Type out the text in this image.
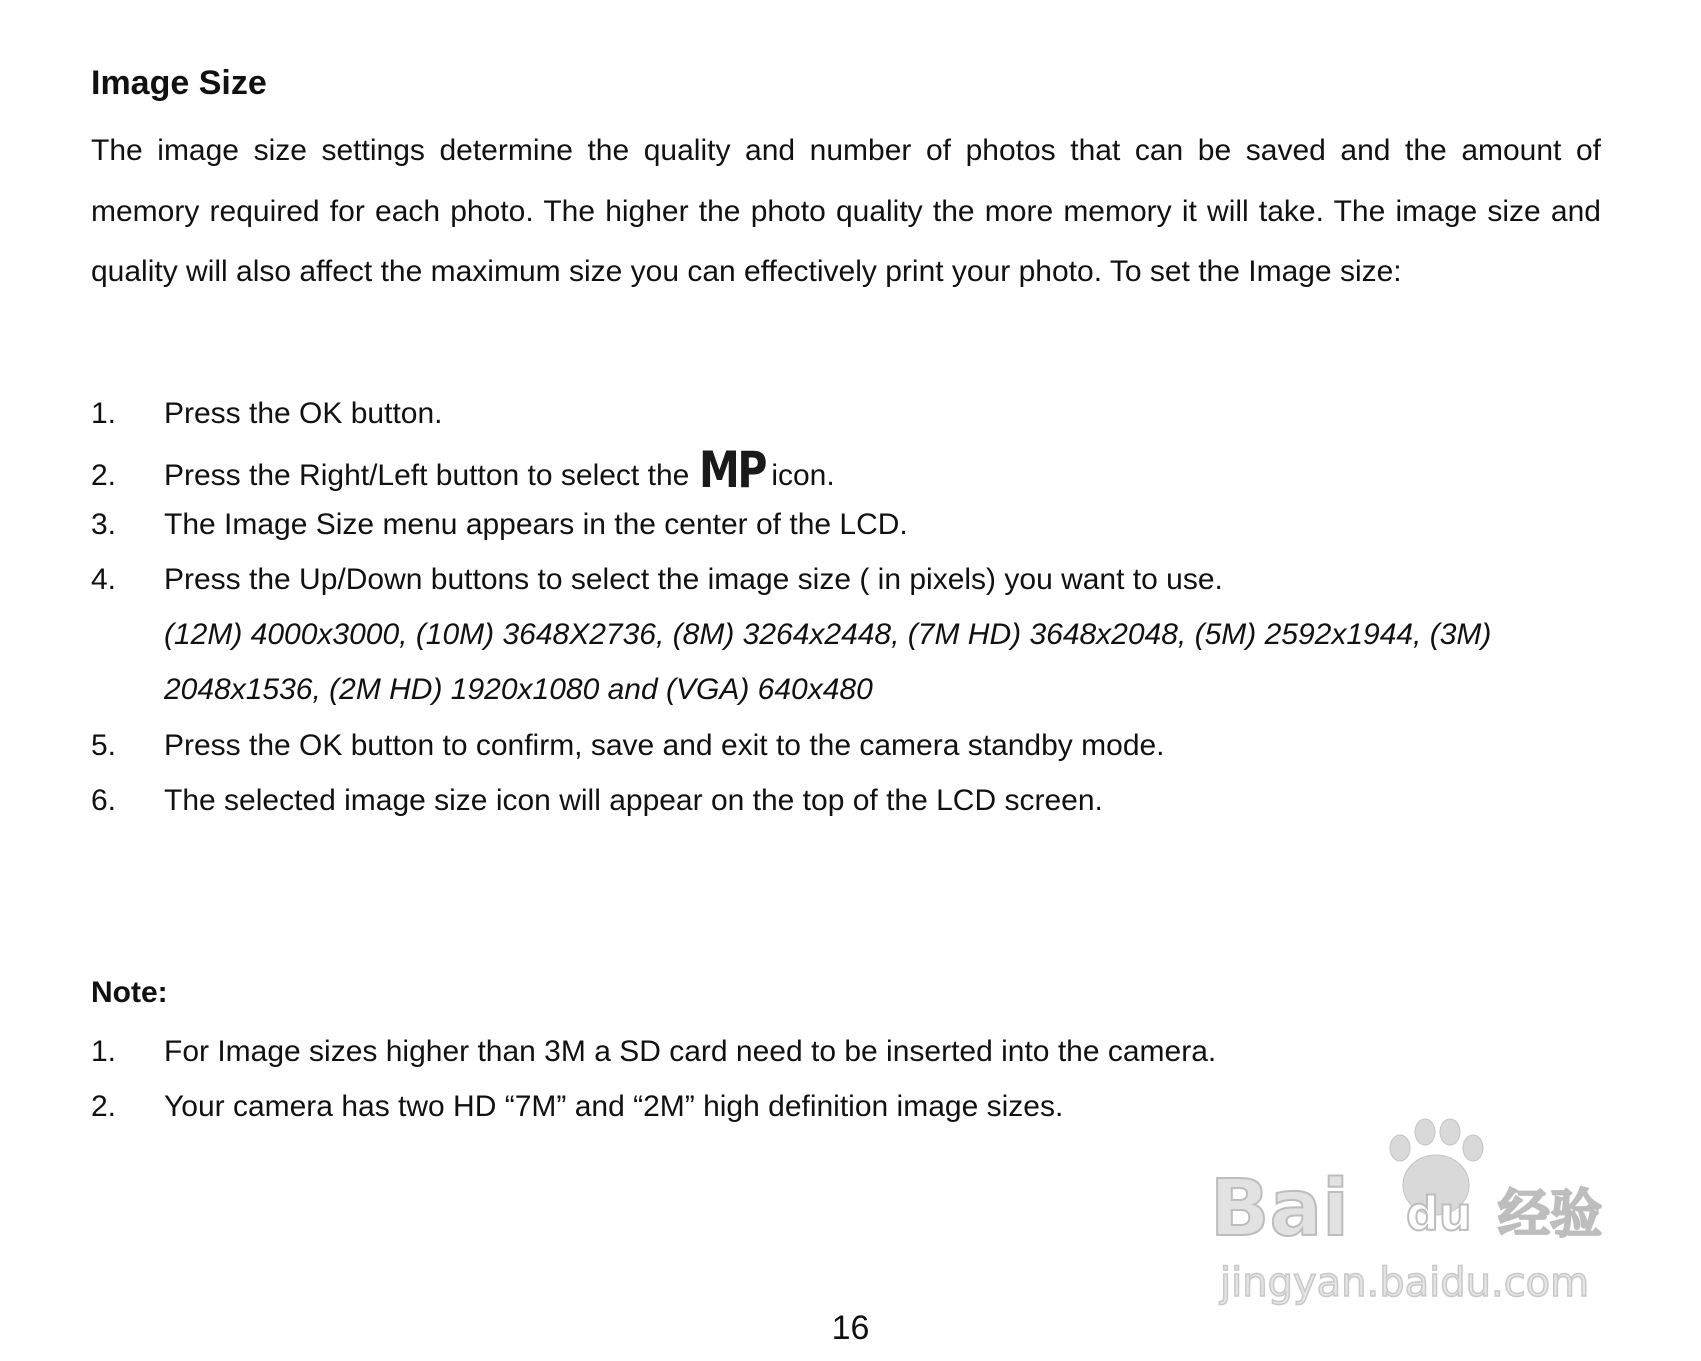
Image Size

The image size settings determine the quality and number of photos that can be saved and the amount of memory required for each photo. The higher the photo quality the more memory it will take. The image size and quality will also affect the maximum size you can effectively print your photo. To set the Image size:

1. Press the OK button.
2. Press the Right/Left button to select the MP icon.
3. The Image Size menu appears in the center of the LCD.
4. Press the Up/Down buttons to select the image size ( in pixels) you want to use.
(12M) 4000x3000, (10M) 3648X2736, (8M) 3264x2448, (7M HD) 3648x2048, (5M) 2592x1944, (3M)
2048x1536, (2M HD) 1920x1080 and (VGA) 640x480
5. Press the OK button to confirm, save and exit to the camera standby mode.
6. The selected image size icon will appear on the top of the LCD screen.
Note:
1. For Image sizes higher than 3M a SD card need to be inserted into the camera.
2. Your camera has two HD “7M” and “2M” high definition image sizes.
Bai du 经验
jingyan.baidu.com
16
